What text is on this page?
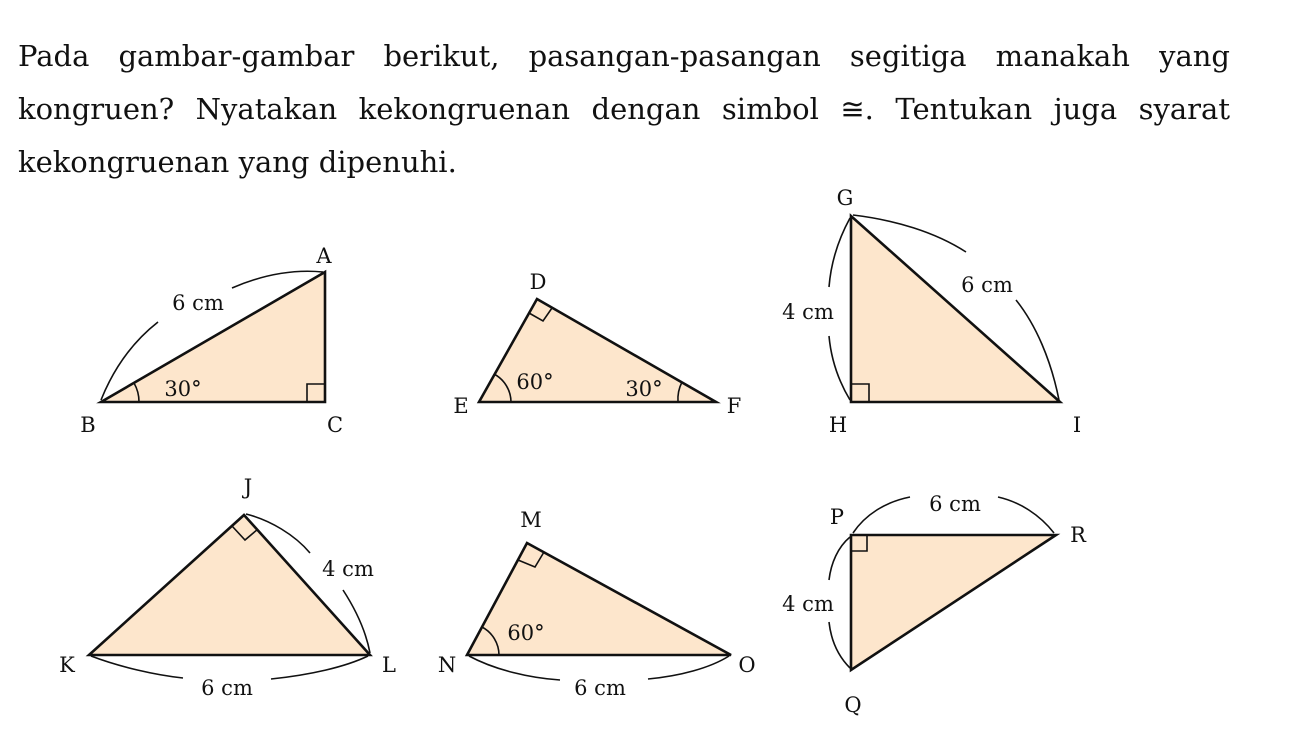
Pada gambar-gambar berikut, pasangan-pasangan segitiga manakah yang kongruen? Nyatakan kekongruenan dengan simbol ≅. Tentukan juga syarat kekongruenan yang dipenuhi.

A
B	C
6 cm
30°
D
E	F
60°	30°
G
H	I
4 cm
6 cm
J
K	L
4 cm
6 cm
M
N	O
60°
6 cm
P
Q
R
6 cm
4 cm
